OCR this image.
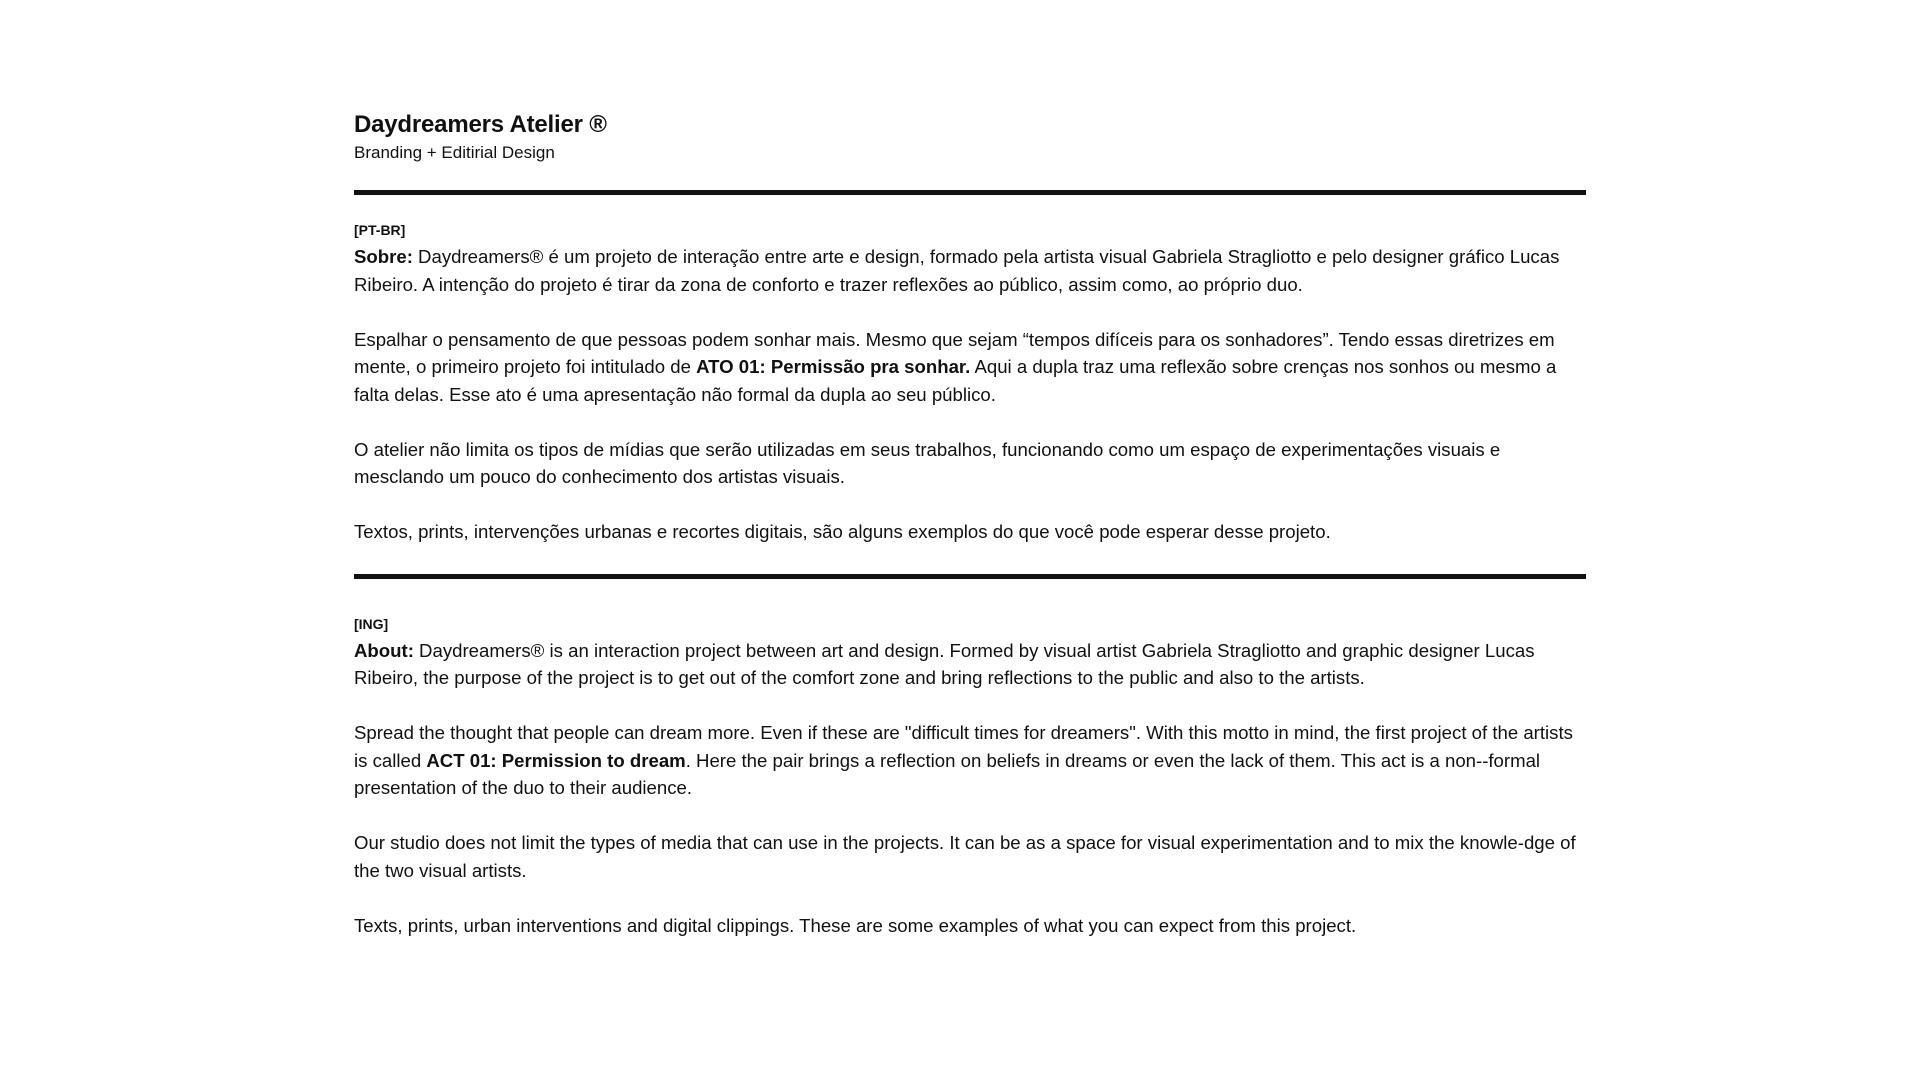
Daydreamers Atelier ®

Branding + Editirial Design

[PT-BR]

Sobre: Daydreamers® é um projeto de interação entre arte e design, formado pela artista visual Gabriela Stragliotto e pelo designer gráfico Lucas Ribeiro. A intenção do projeto é tirar da zona de conforto e trazer reflexões ao público, assim como, ao próprio duo.

Espalhar o pensamento de que pessoas podem sonhar mais. Mesmo que sejam “tempos difíceis para os sonhadores”. Tendo essas diretrizes em mente, o primeiro projeto foi intitulado de ATO 01: Permissão pra sonhar. Aqui a dupla traz uma reflexão sobre crenças nos sonhos ou mesmo a falta delas. Esse ato é uma apresentação não formal da dupla ao seu público.

O atelier não limita os tipos de mídias que serão utilizadas em seus trabalhos, funcionando como um espaço de experimentações visuais e mesclando um pouco do conhecimento dos artistas visuais.

Textos, prints, intervenções urbanas e recortes digitais, são alguns exemplos do que você pode esperar desse projeto.

[ING]

About: Daydreamers® is an interaction project between art and design. Formed by visual artist Gabriela Stragliotto and graphic designer Lucas Ribeiro, the purpose of the project is to get out of the comfort zone and bring reflections to the public and also to the artists.

Spread the thought that people can dream more. Even if these are "difficult times for dreamers". With this motto in mind, the first project of the artists is called ACT 01: Permission to dream. Here the pair brings a reflection on beliefs in dreams or even the lack of them. This act is a non--formal presentation of the duo to their audience.

Our studio does not limit the types of media that can use in the projects. It can be as a space for visual experimentation and to mix the knowle-dge of the two visual artists.

Texts, prints, urban interventions and digital clippings. These are some examples of what you can expect from this project.
